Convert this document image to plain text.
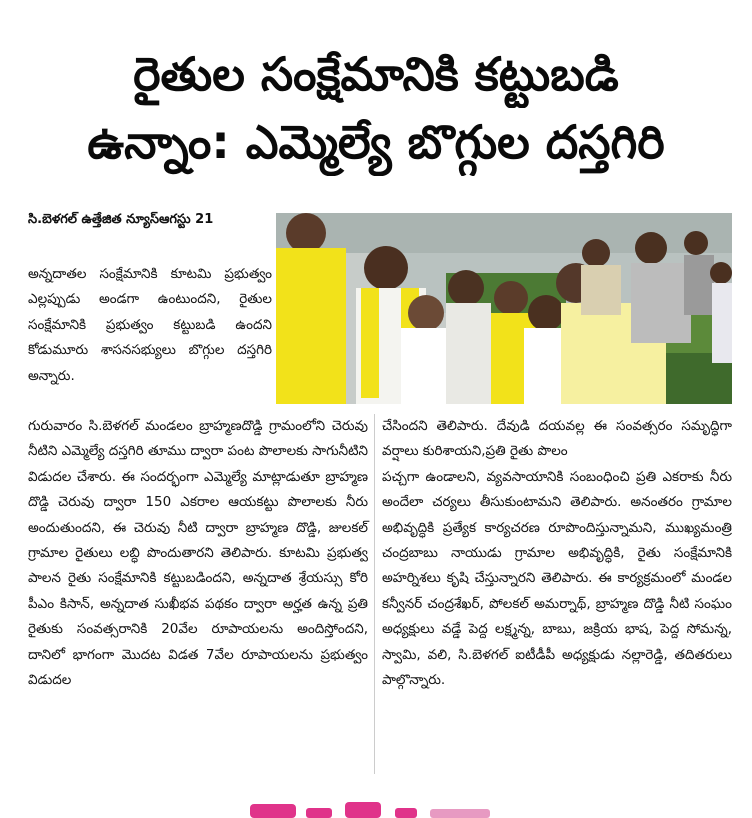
రైతుల సంక్షేమానికి కట్టుబడి
ఉన్నాం: ఎమ్మెల్యే బొగ్గుల దస్తగిరి
సి.బెళగల్ ఉత్తేజిత న్యూస్ఆగస్టు 21

అన్నదాతల సంక్షేమానికి కూటమి ప్రభుత్వం ఎల్లప్పుడు అండగా ఉంటుందని, రైతుల సంక్షేమానికి ప్రభుత్వం కట్టుబడి ఉందని కోడుమూరు శాసనసభ్యులు బొగ్గుల దస్తగిరి అన్నారు.

గురువారం సి.బెళగల్ మండలం బ్రాహ్మణదొడ్డి గ్రామంలోని చెరువు నీటిని ఎమ్మెల్యే దస్తగిరి తూము ద్వారా పంట పొలాలకు సాగునీటిని విడుదల చేశారు. ఈ సందర్భంగా ఎమ్మెల్యే మాట్లాడుతూ బ్రాహ్మణ దొడ్డి చెరువు ద్వారా 150 ఎకరాల ఆయకట్టు పొలాలకు నీరు అందుతుందని, ఈ చెరువు నీటి ద్వారా బ్రాహ్మణ దొడ్డి, జులకల్ గ్రామాల రైతులు లబ్ధి పొందుతారని తెలిపారు. కూటమి ప్రభుత్వ పాలన రైతు సంక్షేమానికి కట్టుబడిందని, అన్నదాత శ్రేయస్సు కోరి పీఎం కిసాన్, అన్నదాత సుఖీభవ పథకం ద్వారా అర్హత ఉన్న ప్రతి రైతుకు సంవత్సరానికి 20వేల రూపాయలను అందిస్తోందని, దానిలో భాగంగా మొదట విడత 7వేల రూపాయలను ప్రభుత్వం విడుదల

చేసిందని తెలిపారు. దేవుడి దయవల్ల ఈ సంవత్సరం సమృద్ధిగా వర్షాలు కురిశాయని,ప్రతి రైతు పొలం

పచ్చగా ఉండాలని, వ్యవసాయానికి సంబంధించి ప్రతి ఎకరాకు నీరు అందేలా చర్యలు తీసుకుంటామని తెలిపారు. అనంతరం గ్రామాల అభివృద్ధికి ప్రత్యేక కార్యచరణ రూపొందిస్తున్నామని, ముఖ్యమంత్రి చంద్రబాబు నాయుడు గ్రామాల అభివృద్ధికి, రైతు సంక్షేమానికి అహర్నిశలు కృషి చేస్తున్నారని తెలిపారు. ఈ కార్యక్రమంలో మండల కన్వీనర్ చంద్రశేఖర్, పోలకల్ అమర్నాథ్, బ్రాహ్మణ దొడ్డి నీటి సంఘం అధ్యక్షులు వడ్డే పెద్ద లక్ష్మన్న, బాబు, జక్రియ భాష, పెద్ద సోమన్న, స్వామి, వలి, సి.బెళగల్ ఐటీడీపీ అధ్యక్షుడు నల్లారెడ్డి, తదితరులు పాల్గొన్నారు.
